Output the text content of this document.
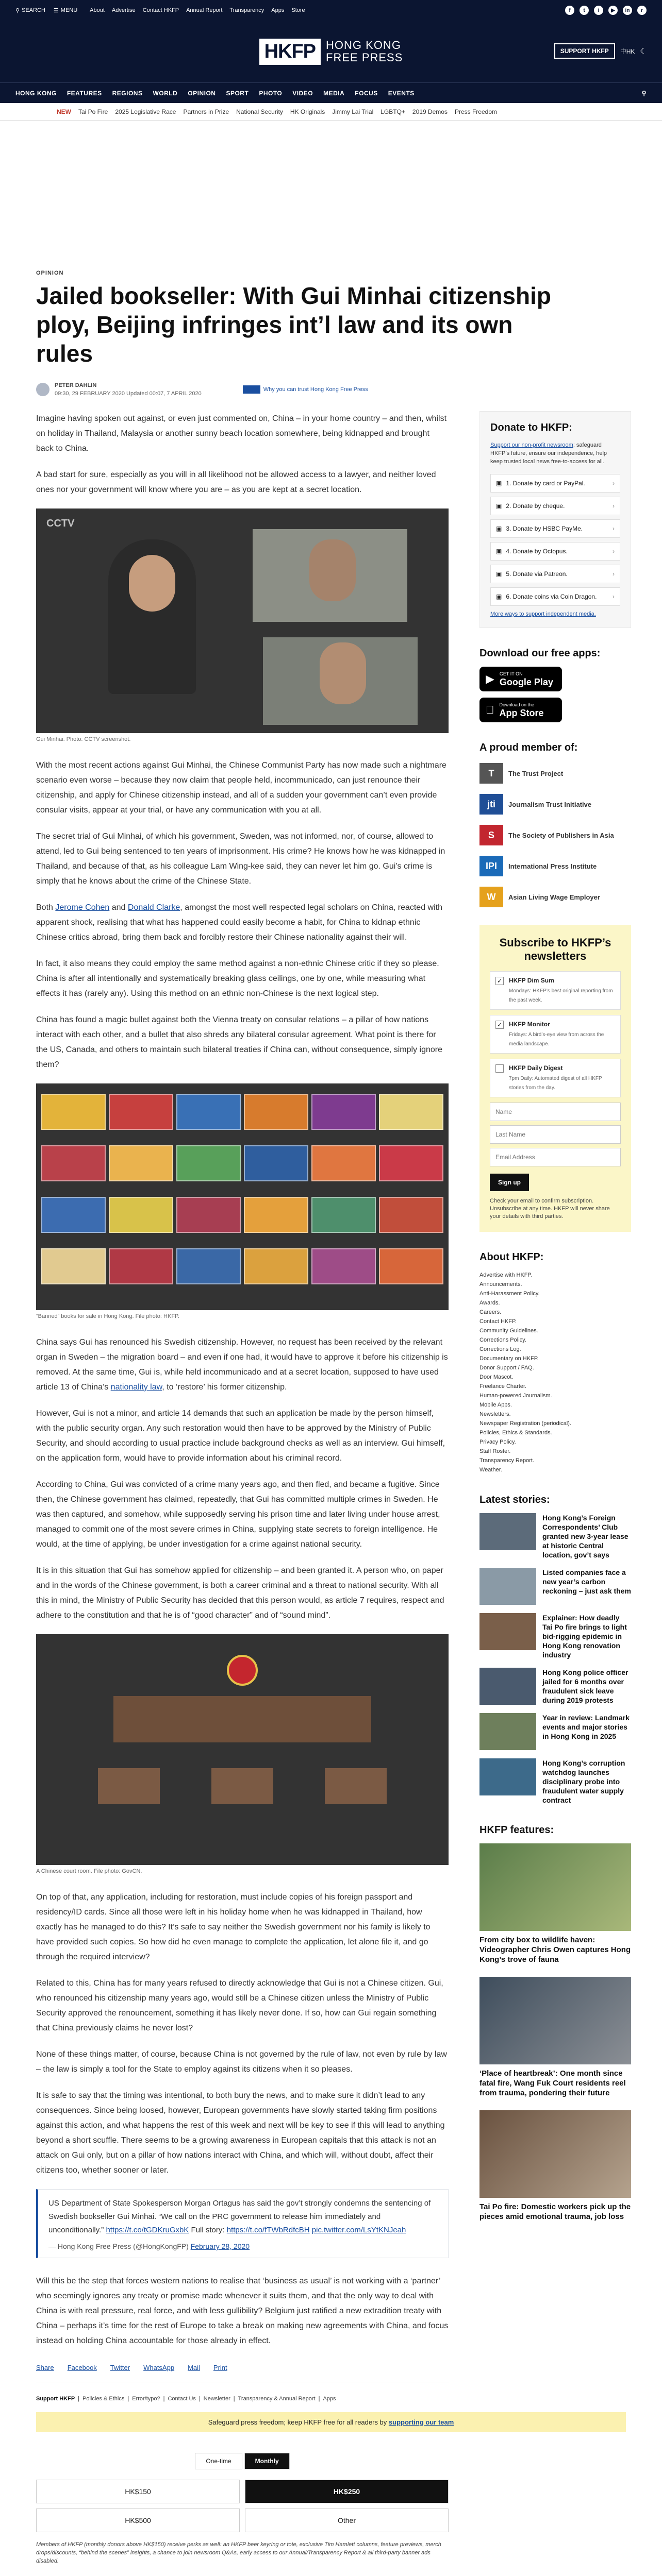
⚲ SEARCH ☰ MENU About Advertise Contact HKFP Annual Report Transparency Apps Store	f	t	i	▶	in	r
HKFP HONG KONG
FREE PRESS	SUPPORT HKFP	中HK ☾
HONG KONG FEATURES REGIONS WORLD OPINION SPORT PHOTO VIDEO MEDIA FOCUS EVENTS	⚲
NEW Tai Po Fire 2025 Legislative Race Partners in Prize National Security HK Originals Jimmy Lai Trial LGBTQ+ 2019 Demos Press Freedom
OPINION
Jailed bookseller: With Gui Minhai citizenship ploy, Beijing infringes int’l law and its own rules
PETER DAHLIN
09:30, 29 FEBRUARY 2020 Updated 00:07, 7 APRIL 2020
Why you can trust Hong Kong Free Press

Imagine having spoken out against, or even just commented on, China – in your home country – and then, whilst on holiday in Thailand, Malaysia or another sunny beach location somewhere, being kidnapped and brought back to China.

A bad start for sure, especially as you will in all likelihood not be allowed access to a lawyer, and neither loved ones nor your government will know where you are – as you are kept at a secret location.

CCTV
Gui Minhai. Photo: CCTV screenshot.

With the most recent actions against Gui Minhai, the Chinese Communist Party has now made such a nightmare scenario even worse – because they now claim that people held, incommunicado, can just renounce their citizenship, and apply for Chinese citizenship instead, and all of a sudden your government can’t even provide consular visits, appear at your trial, or have any communication with you at all.

The secret trial of Gui Minhai, of which his government, Sweden, was not informed, nor, of course, allowed to attend, led to Gui being sentenced to ten years of imprisonment. His crime? He knows how he was kidnapped in Thailand, and because of that, as his colleague Lam Wing-kee said, they can never let him go. Gui’s crime is simply that he knows about the crime of the Chinese State.

Both Jerome Cohen and Donald Clarke, amongst the most well respected legal scholars on China, reacted with apparent shock, realising that what has happened could easily become a habit, for China to kidnap ethnic Chinese critics abroad, bring them back and forcibly restore their Chinese nationality against their will.

In fact, it also means they could employ the same method against a non-ethnic Chinese critic if they so please. China is after all intentionally and systematically breaking glass ceilings, one by one, while measuring what effects it has (rarely any). Using this method on an ethnic non-Chinese is the next logical step.

China has found a magic bullet against both the Vienna treaty on consular relations – a pillar of how nations interact with each other, and a bullet that also shreds any bilateral consular agreement. What point is there for the US, Canada, and others to maintain such bilateral treaties if China can, without consequence, simply ignore them?

“Banned” books for sale in Hong Kong. File photo: HKFP.

China says Gui has renounced his Swedish citizenship. However, no request has been received by the relevant organ in Sweden – the migration board – and even if one had, it would have to approve it before his citizenship is removed. At the same time, Gui is, while held incommunicado and at a secret location, supposed to have used article 13 of China’s nationality law, to ‘restore’ his former citizenship.

However, Gui is not a minor, and article 14 demands that such an application be made by the person himself, with the public security organ. Any such restoration would then have to be approved by the Ministry of Public Security, and should according to usual practice include background checks as well as an interview. Gui himself, on the application form, would have to provide information about his criminal record.

According to China, Gui was convicted of a crime many years ago, and then fled, and became a fugitive. Since then, the Chinese government has claimed, repeatedly, that Gui has committed multiple crimes in Sweden. He was then captured, and somehow, while supposedly serving his prison time and later living under house arrest, managed to commit one of the most severe crimes in China, supplying state secrets to foreign intelligence. He would, at the time of applying, be under investigation for a crime against national security.

It is in this situation that Gui has somehow applied for citizenship – and been granted it. A person who, on paper and in the words of the Chinese government, is both a career criminal and a threat to national security. With all this in mind, the Ministry of Public Security has decided that this person would, as article 7 requires, respect and adhere to the constitution and that he is of “good character” and of “sound mind”.

A Chinese court room. File photo: GovCN.

On top of that, any application, including for restoration, must include copies of his foreign passport and residency/ID cards. Since all those were left in his holiday home when he was kidnapped in Thailand, how exactly has he managed to do this? It’s safe to say neither the Swedish government nor his family is likely to have provided such copies. So how did he even manage to complete the application, let alone file it, and go through the required interview?

Related to this, China has for many years refused to directly acknowledge that Gui is not a Chinese citizen. Gui, who renounced his citizenship many years ago, would still be a Chinese citizen unless the Ministry of Public Security approved the renouncement, something it has likely never done. If so, how can Gui regain something that China previously claims he never lost?

None of these things matter, of course, because China is not governed by the rule of law, not even by rule by law – the law is simply a tool for the State to employ against its citizens when it so pleases.

It is safe to say that the timing was intentional, to both bury the news, and to make sure it didn’t lead to any consequences. Since being loosed, however, European governments have slowly started taking firm positions against this action, and what happens the rest of this week and next will be key to see if this will lead to anything beyond a short scuffle. There seems to be a growing awareness in European capitals that this attack is not an attack on Gui only, but on a pillar of how nations interact with China, and which will, without doubt, affect their citizens too, whether sooner or later.

US Department of State Spokesperson Morgan Ortagus has said the gov’t strongly condemns the sentencing of Swedish bookseller Gui Minhai. “We call on the PRC government to release him immediately and unconditionally.” https://t.co/tGDKruGxbK Full story: https://t.co/fTWbRdfcBH pic.twitter.com/LsYtKNJeah

— Hong Kong Free Press (@HongKongFP) February 28, 2020

Will this be the step that forces western nations to realise that ‘business as usual’ is not working with a ‘partner’ who seemingly ignores any treaty or promise made whenever it suits them, and that the only way to deal with China is with real pressure, real force, and with less gullibility? Belgium just ratified a new extradition treaty with China – perhaps it’s time for the rest of Europe to take a break on making new agreements with China, and focus instead on holding China accountable for those already in effect.

Share Facebook Twitter WhatsApp Mail Print
Support HKFP | Policies & Ethics | Error/typo? | Contact Us | Newsletter | Transparency & Annual Report | Apps
Donate to HKFP:
Support our non-profit newsroom: safeguard HKFP’s future, ensure our independence, help keep trusted local news free-to-access for all.
▣ 1. Donate by card or PayPal.	›
▣ 2. Donate by cheque.	›
▣ 3. Donate by HSBC PayMe.	›
▣ 4. Donate by Octopus.	›
▣ 5. Donate via Patreon.	›
▣ 6. Donate coins via Coin Dragon.	›
More ways to support independent media.
Download our free apps:
▶ GET IT ON
Google Play
Download on the
App Store
A proud member of:
T	The Trust Project
jti	Journalism Trust Initiative
S	The Society of Publishers in Asia
IPI	International Press Institute
W	Asian Living Wage Employer
Subscribe to HKFP’s newsletters
✓ HKFP Dim Sum
Mondays: HKFP’s best original reporting from the past week.
✓ HKFP Monitor
Fridays: A bird’s-eye view from across the media landscape.
HKFP Daily Digest
7pm Daily: Automated digest of all HKFP stories from the day.
Name Last Name Email Address Sign up
Check your email to confirm subscription. Unsubscribe at any time. HKFP will never share your details with third parties.
About HKFP:
Advertise with HKFP.
Announcements.
Anti-Harassment Policy.
Awards.
Careers.
Contact HKFP.
Community Guidelines.
Corrections Policy.
Corrections Log.
Documentary on HKFP.
Donor Support / FAQ.
Door Mascot.
Freelance Charter.
Human-powered Journalism.
Mobile Apps.
Newsletters.
Newspaper Registration (periodical).
Policies, Ethics & Standards.
Privacy Policy.
Staff Roster.
Transparency Report.
Weather.
Latest stories:
Hong Kong’s Foreign Correspondents’ Club granted new 3-year lease at historic Central location, gov’t says
Listed companies face a new year’s carbon reckoning – just ask them
Explainer: How deadly Tai Po fire brings to light bid-rigging epidemic in Hong Kong renovation industry
Hong Kong police officer jailed for 6 months over fraudulent sick leave during 2019 protests
Year in review: Landmark events and major stories in Hong Kong in 2025
Hong Kong’s corruption watchdog launches disciplinary probe into fraudulent water supply contract
HKFP features:
From city box to wildlife haven: Videographer Chris Owen captures Hong Kong’s trove of fauna
‘Place of heartbreak’: One month since fatal fire, Wang Fuk Court residents reel from trauma, pondering their future
Tai Po fire: Domestic workers pick up the pieces amid emotional trauma, job loss
Safeguard press freedom; keep HKFP free for all readers by supporting our team
One-time	Monthly
HK$150	HK$250
HK$500	Other
Members of HKFP (monthly donors above HK$150) receive perks as well: an HKFP beer keyring or tote, exclusive Tim Hamlett columns, feature previews, merch drops/discounts, “behind the scenes” insights, a chance to join newsroom Q&As, early access to our Annual/Transparency Report & all third-party banner ads disabled.
